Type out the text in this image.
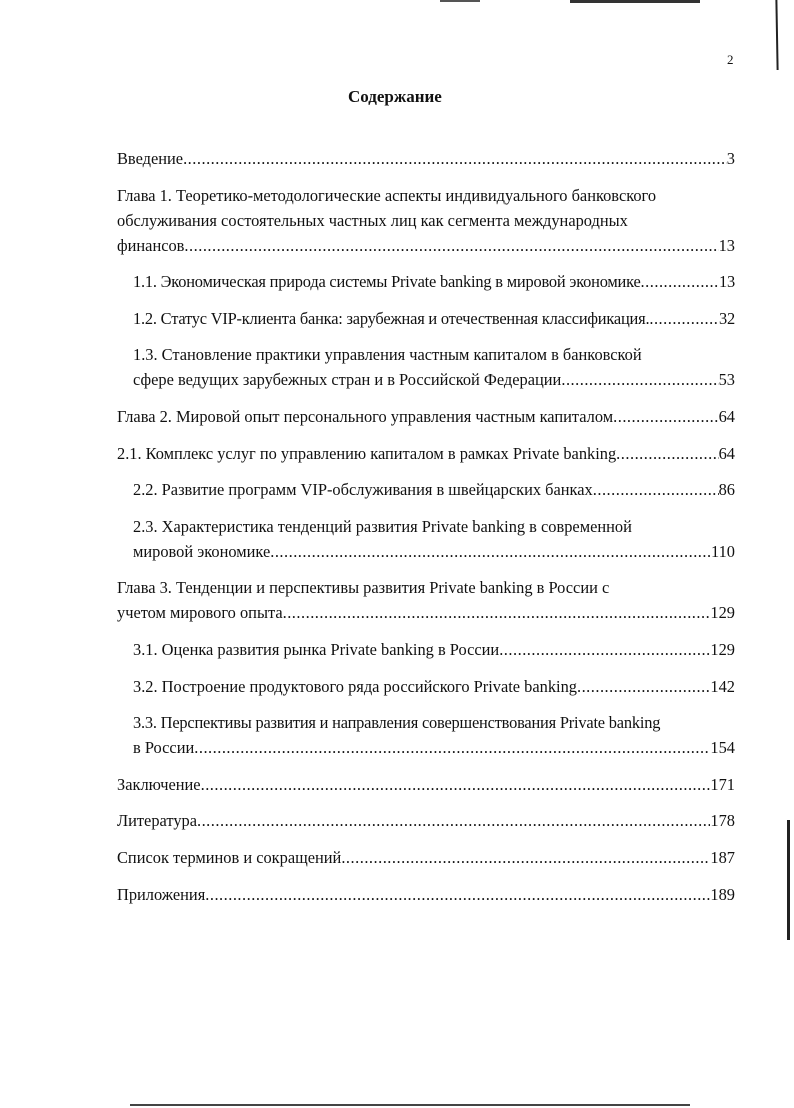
2
Содержание
Введение .....	3
Глава 1. Теоретико-методологические аспекты индивидуального банковского
обслуживания состоятельных частных лиц как сегмента международных
финансов .....	13
1.1. Экономическая природа системы Private banking в мировой экономике .....	13
1.2. Статус VIP-клиента банка: зарубежная и отечественная классификация. .....	32
1.3. Становление практики управления частным капиталом в банковской
сфере ведущих зарубежных стран и в Российской Федерации .....	53
Глава 2. Мировой опыт персонального управления частным капиталом .....	64
2.1. Комплекс услуг по управлению капиталом в рамках Private banking .....	64
2.2. Развитие программ VIP-обслуживания в швейцарских банках .....	86
2.3. Характеристика тенденций развития Private banking в современной
мировой экономике .....	110
Глава 3. Тенденции и перспективы развития Private banking в России с
учетом мирового опыта .....	129
3.1. Оценка развития рынка Private banking в России .....	129
3.2. Построение продуктового ряда российского Private banking .....	142
3.3. Перспективы развития и направления совершенствования Private banking
в России .....	154
Заключение .....	171
Литература .....	178
Список терминов и сокращений .....	187
Приложения .....	189
